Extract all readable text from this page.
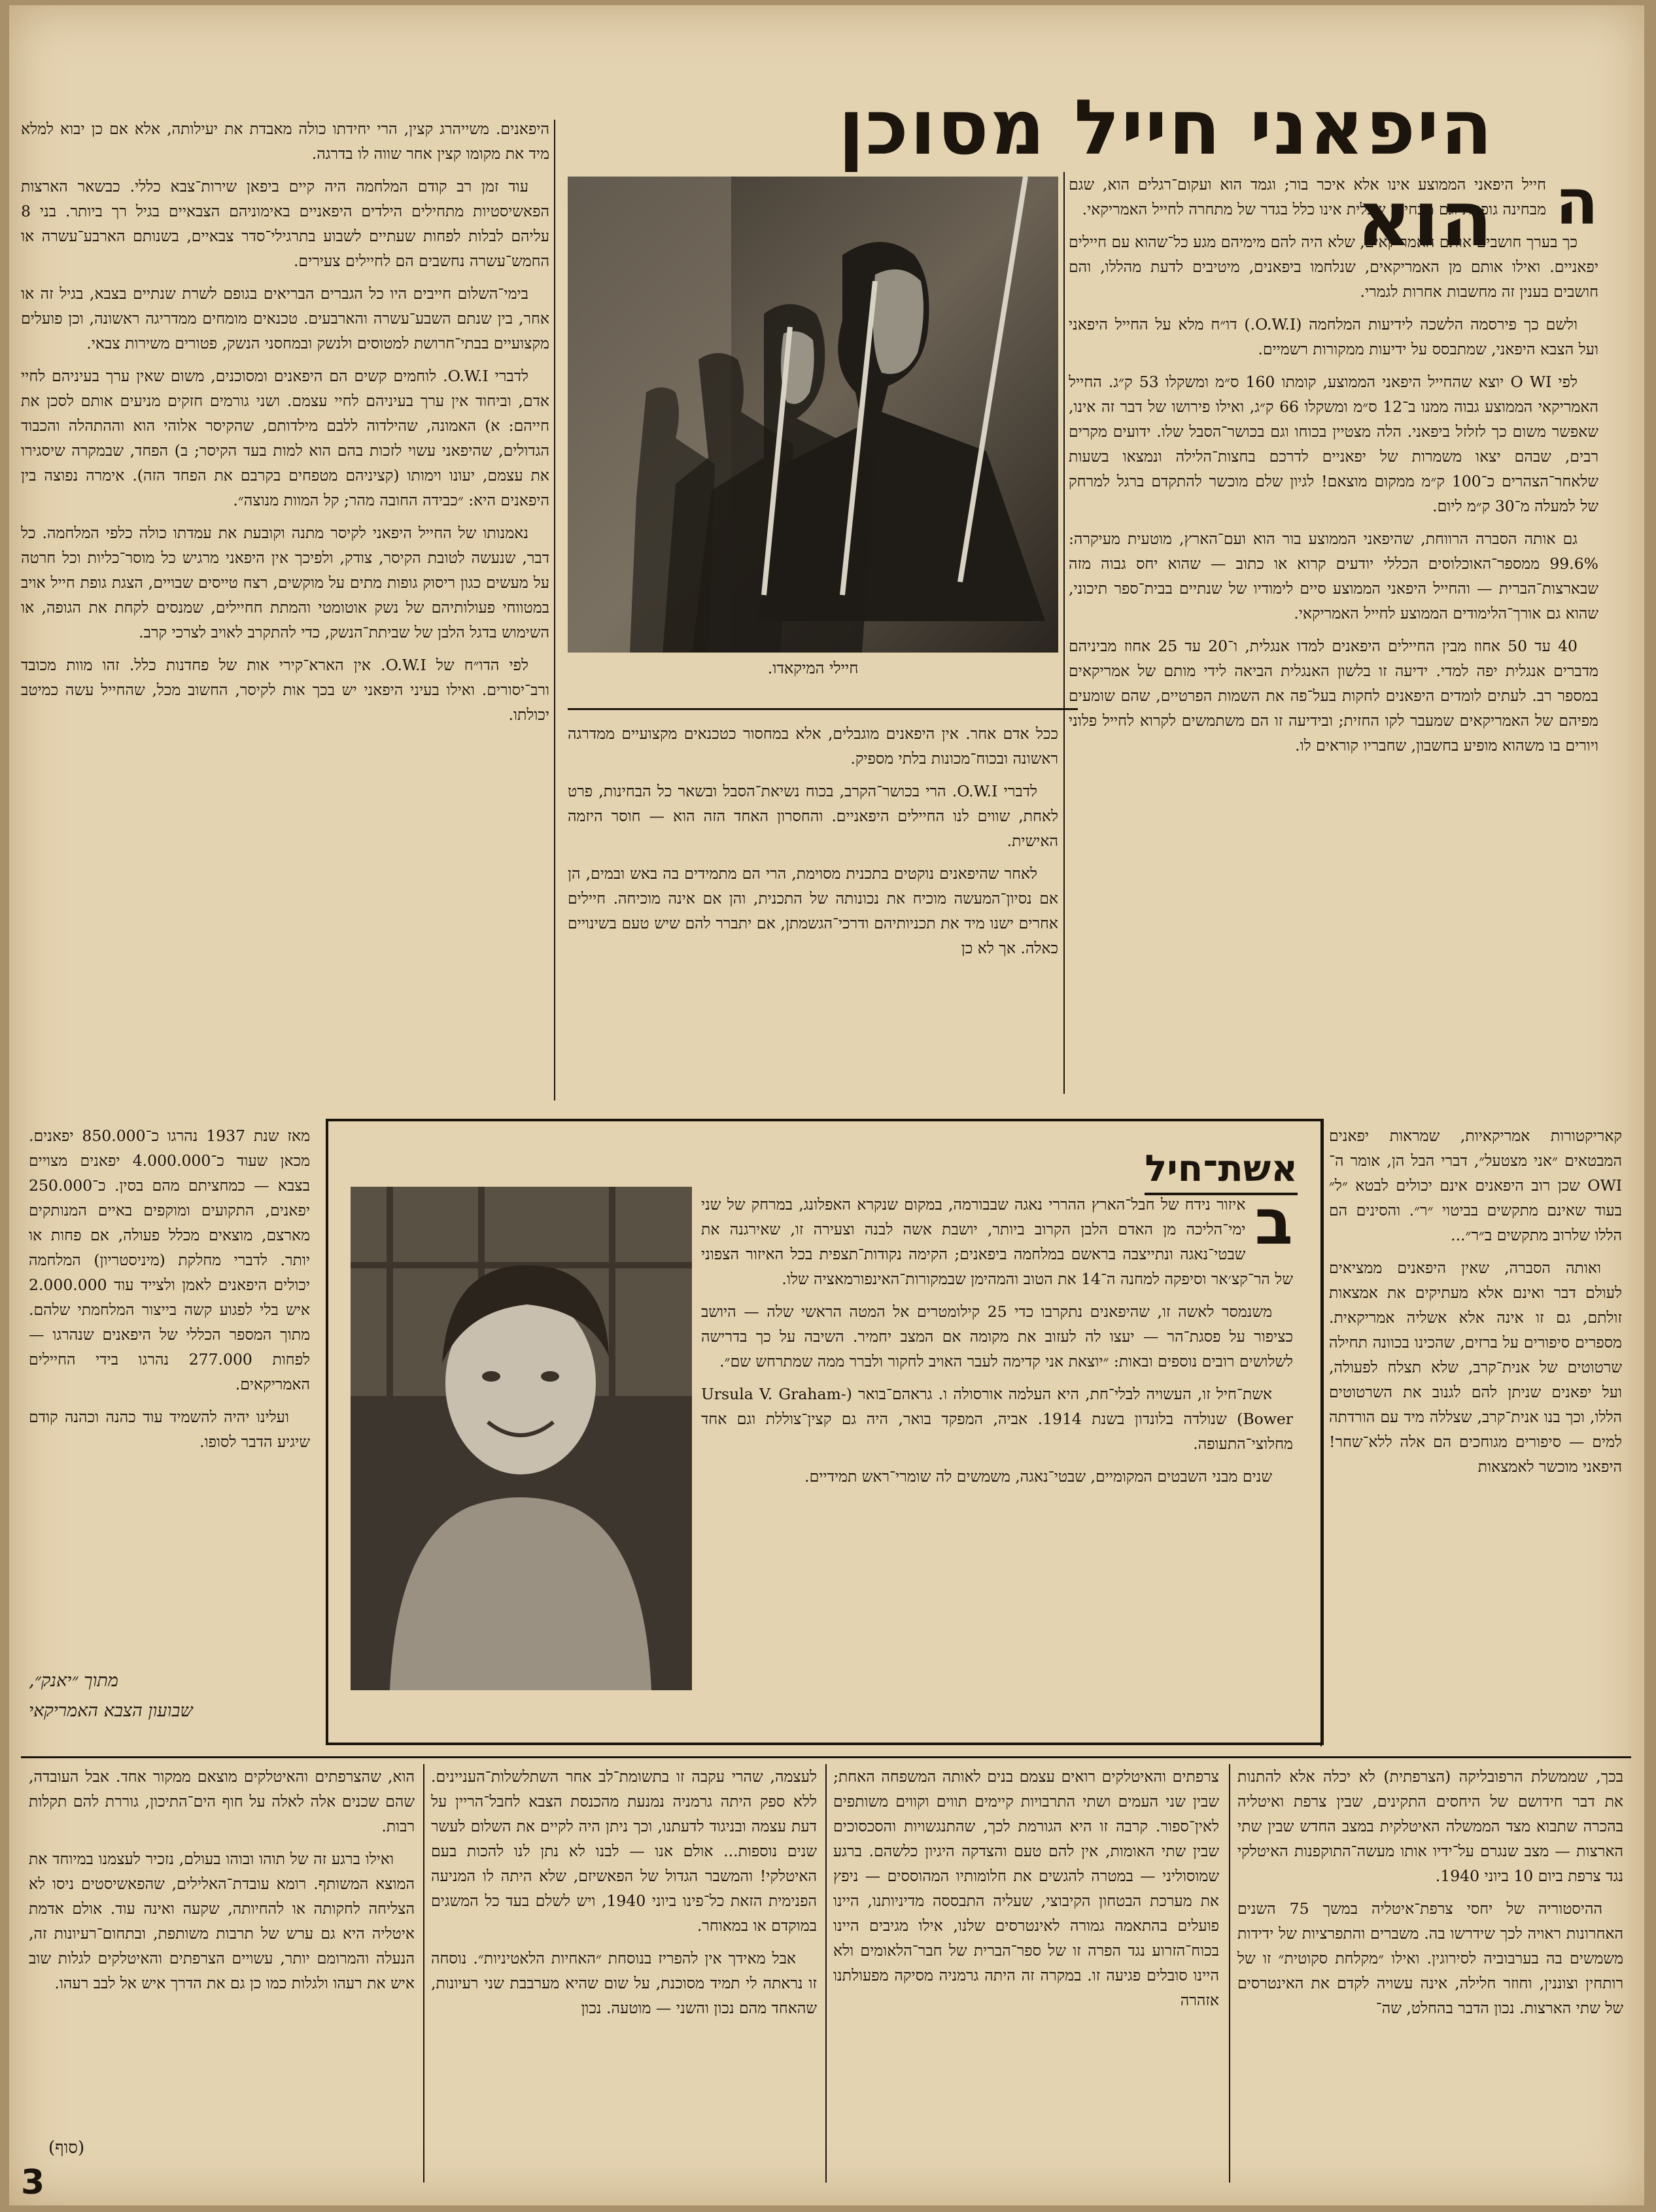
היפאני חייל מסוכן הוא ה

חייל היפאני הממוצע אינו אלא איכר בור; וגמד הוא ועקום־רגלים הוא, שגם מבחינה גופנית וגם מבחינה שכלית אינו כלל בגדר של מתחרה לחייל האמריקאי.

כך בערך חושבים אותם האמריקאים, שלא היה להם מימיהם מגע כל־שהוא עם חיילים יפאניים. ואילו אותם מן האמריקאים, שנלחמו ביפאנים, מיטיבים לדעת מהללו, והם חושבים בענין זה מחשבות אחרות לגמרי.

ולשם כך פירסמה הלשכה לידיעות המלחמה (O.W.I.) דו״ח מלא על החייל היפאני ועל הצבא היפאני, שמתבסס על ידיעות ממקורות רשמיים.

לפי O WI יוצא שהחייל היפאני הממוצע, קומתו 160 ס״מ ומשקלו 53 ק״ג. החייל האמריקאי הממוצע גבוה ממנו ב־12 ס״מ ומשקלו 66 ק״ג, ואילו פירושו של דבר זה אינו, שאפשר משום כך לזלזל ביפאני. הלה מצטיין בכוחו וגם בכושר־הסבל שלו. ידועים מקרים רבים, שבהם יצאו משמרות של יפאניים לדרכם בחצות־הלילה ונמצאו בשעות שלאחר־הצהרים כ־100 ק״מ ממקום מוצאם! לגיון שלם מוכשר להתקדם ברגל למרחק של למעלה מ־30 ק״מ ליום.

גם אותה הסברה הרווחת, שהיפאני הממוצע בור הוא ועם־הארץ, מוטעית מעיקרה: 99.6% ממספר־האוכלוסים הכללי יודעים קרוא או כתוב — שהוא יחס גבוה מזה שבארצות־הברית — והחייל היפאני הממוצע סיים לימודיו של שנתיים בבית־ספר תיכוני, שהוא גם אורך־הלימודים הממוצע לחייל האמריקאי.

40 עד 50 אחוז מבין החיילים היפאנים למדו אנגלית, ו־20 עד 25 אחוז מביניהם מדברים אנגלית יפה למדי. ידיעה זו בלשון האנגלית הביאה לידי מותם של אמריקאים במספר רב. לעתים לומדים היפאנים לחקות בעל־פה את השמות הפרטיים, שהם שומעים מפיהם של האמריקאים שמעבר לקו החזית; ובידיעה זו הם משתמשים לקרוא לחייל פלוני ויורים בו משהוא מופיע בחשבון, שחבריו קוראים לו.

חיילי המיקאדו.

ככל אדם אחר. אין היפאנים מוגבלים, אלא במחסור כטכנאים מקצועיים ממדרגה ראשונה ובכוח־מכונות בלתי מספיק.

לדברי O.W.I. הרי בכושר־הקרב, בכוח נשיאת־הסבל ובשאר כל הבחינות, פרט לאחת, שווים לנו החיילים היפאניים. והחסרון האחד הזה הוא — חוסר היזמה האישית.

לאחר שהיפאנים נוקטים בתכנית מסוימת, הרי הם מתמידים בה באש ובמים, הן אם נסיון־המעשה מוכיח את נכונותה של התכנית, והן אם אינה מוכיחה. חיילים אחרים ישנו מיד את תכניותיהם ודרכי־הגשמתן, אם יתברר להם שיש טעם בשינויים כאלה. אך לא כן

היפאנים. משייהרג קצין, הרי יחידתו כולה מאבדת את יעילותה, אלא אם כן יבוא למלא מיד את מקומו קצין אחר שווה לו בדרגה.

עוד זמן רב קודם המלחמה היה קיים ביפאן שירות־צבא כללי. כבשאר הארצות הפאשיסטיות מתחילים הילדים היפאניים באימוניהם הצבאיים בגיל רך ביותר. בני 8 עליהם לבלות לפחות שעתיים לשבוע בתרגילי־סדר צבאיים, בשנותם הארבע־עשרה או החמש־עשרה נחשבים הם לחיילים צעירים.

בימי־השלום חייבים היו כל הגברים הבריאים בגופם לשרת שנתיים בצבא, בגיל זה או אחר, בין שנתם השבע־עשרה והארבעים. טכנאים מומחים ממדריגה ראשונה, וכן פועלים מקצועיים בבתי־חרושת למטוסים ולנשק ובמחסני הנשק, פטורים משירות צבאי.

לדברי O.W.I. לוחמים קשים הם היפאנים ומסוכנים, משום שאין ערך בעיניהם לחיי אדם, וביחוד אין ערך בעיניהם לחיי עצמם. ושני גורמים חזקים מניעים אותם לסכן את חייהם: א) האמונה, שהילדוה ללבם מילדותם, שהקיסר אלוהי הוא וההתהלה והכבוד הגדולים, שהיפאני עשוי לזכות בהם הוא למות בעד הקיסר; ב) הפחד, שבמקרה שיסגירו את עצמם, יעונו וימותו (קציניהם מטפחים בקרבם את הפחד הזה). אימרה נפוצה בין היפאנים היא: ״כבידה החובה מהר; קל המוות מנוצה״.

נאמנותו של החייל היפאני לקיסר מתנה וקובעת את עמדתו כולה כלפי המלחמה. כל דבר, שנעשה לטובת הקיסר, צודק, ולפיכך אין היפאני מרגיש כל מוסר־כליות וכל חרטה על מעשים כגון ריסוק גופות מתים על מוקשים, רצח טייסים שבויים, הצגת גופת חייל אויב במטווחי פעולותיהם של נשק אוטומטי והמתת חחיילים, שמנסים לקחת את הגופה, או השימוש בדגל הלבן של שביתת־הנשק, כדי להתקרב לאויב לצרכי קרב.

לפי הדו״ח של O.W.I. אין הארא־קירי אות של פחדנות כלל. זהו מוות מכובד ורב־יסורים. ואילו בעיני היפאני יש בכך אות לקיסר, החשוב מכל, שהחייל עשה כמיטב יכולתו.

מאז שנת 1937 נהרגו כ־850.000 יפאנים. מכאן שעוד כ־4.000.000 יפאנים מצויים בצבא — כמחציתם מהם בסין. כ־250.000 יפאנים, התקועים ומוקפים באיים המנותקים מארצם, מוצאים מכלל פעולה, אם פחות או יותר. לדברי מחלקת (מיניסטריון) המלחמה יכולים היפאנים לאמן ולצייד עוד 2.000.000 איש בלי לפגוע קשה בייצור המלחמתי שלהם. מתוך המספר הכללי של היפאנים שנהרגו — לפחות 277.000 נהרגו בידי החיילים האמריקאים.

ועלינו יהיה להשמיד עוד כהנה וכהנה קודם שיגיע הדבר לסופו.

מתוך ״יאנק״,
שבועון הצבא האמריקאי

קאריקטורות אמריקאיות, שמראות יפאנים המבטאים ״אני מצטעל״, דברי הבל הן, אומר ה־ OWI שכן רוב היפאנים אינם יכולים לבטא ״ל״ בעוד שאינם מתקשים בביטוי ״ר״. והסינים הם הללו שלרוב מתקשים ב״ר״...

ואותה הסברה, שאין היפאנים ממציאים לעולם דבר ואינם אלא מעתיקים את אמצאות זולתם, גם זו אינה אלא אשליה אמריקאית. מספרים סיפורים על ברזים, שהכינו בכוונה תחילה שרטוטים של אנית־קרב, שלא תצלח לפעולה, ועל יפאנים שניתן להם לגנוב את השרטוטים הללו, וכך בנו אנית־קרב, שצללה מיד עם הורדתה למים — סיפורים מגוחכים הם אלה ללא־שחר! היפאני מוכשר לאמצאות

אשת־חיל
ב

איזור נידח של חבל־הארץ ההררי נאגה שבבורמה, במקום שנקרא האפלונג, במרחק של שני ימי־הליכה מן האדם הלבן הקרוב ביותר, יושבת אשה לבנה וצעירה זו, שאירגנה את שבטי־נאגה ונתייצבה בראשם במלחמה ביפאנים; הקימה נקודות־תצפית בכל האיזור הצפוני של הר־קצ׳אר וסיפקה למחנה ה־14 את הטוב והמהימן שבמקורות־האינפורמאציה שלו.

משנמסר לאשה זו, שהיפאנים נתקרבו כדי 25 קילומטרים אל המטה הראשי שלה — היושב כציפור על פסגת־הר — יעצו לה לעזוב את מקומה אם המצב יחמיר. השיבה על כך בדרישה לשלושים רובים נוספים ובאות: ״יוצאת אני קדימה לעבר האויב לחקור ולברר ממה שמתרחש שם״.

אשת־חיל זו, העשויה לבלי־חת, היא העלמה אורסולה ו. גראהם־בואר (Ursula V. Graham-Bower) שנולדה בלונדון בשנת 1914. אביה, המפקד בואר, היה גם קצין־צוללת וגם אחד מחלוצי־התעופה.

שנים מבני השבטים המקומיים, שבטי־נאגה, משמשים לה שומרי־ראש תמידיים.

בכך, שממשלת הרפובליקה (הצרפתית) לא יכלה אלא להתנות את דבר חידושם של היחסים התקינים, שבין צרפת ואיטליה בהכרה שתבוא מצד הממשלה האיטלקית במצב החדש שבין שתי הארצות — מצב שנגרם על־ידיו אותו מעשה־התוקפנות האיטלקי נגד צרפת ביום 10 ביוני 1940.

ההיסטוריה של יחסי צרפת־איטליה במשך 75 השנים האחרונות ראויה לכך שידרשו בה. משברים והתפרציות של ידידות משמשים בה בערבוביה לסירוגין. ואילו ״מקלחת סקוטית״ זו של רותחין וצוננין, וחוזר חלילה, אינה עשויה לקדם את האינטרסים של שתי הארצות. נכון הדבר בהחלט, שה־

צרפתים והאיטלקים רואים עצמם בנים לאותה המשפחה האחת; שבין שני העמים ושתי התרבויות קיימים תווים וקווים משותפים לאין־ספור. קרבה זו היא הגורמת לכך, שהתנגשויות והסכסוכים שבין שתי האומות, אין להם טעם והצדקה היגיון כלשהם. ברגע שמוסוליני — במטרה להגשים את חלומותיו המהוססים — ניפץ את מערכת הבטחון הקיבוצי, שעליה התבססה מדיניותנו, היינו פועלים בהתאמה גמורה לאינטרסים שלנו, אילו מגיבים היינו בכוח־הזרוע נגד הפרה זו של ספר־הברית של חבר־הלאומים ולא היינו סובלים פגיעה זו. במקרה זה היתה גרמניה מסיקה מפעולתנו אזהרה

לעצמה, שהרי עקבה זו בתשומת־לב אחר השתלשלות־העניינים. ללא ספק היתה גרמניה נמנעת מהכנסת הצבא לחבל־הריין על דעת עצמה ובניגוד לדעתנו, וכך ניתן היה לקיים את השלום לעשר שנים נוספות... אולם אנו — לבנו לא נתן לנו להכות בעם האיטלקי! והמשבר הגדול של הפאשיזם, שלא היתה לו המניעה הפנימית הזאת כל־פינו ביוני 1940, ויש לשלם בעד כל המשגים במוקדם או במאוחר.

אבל מאידך אין להפריז בנוסחת ״האחיות הלאטיניות״. נוסחה זו נראתה לי תמיד מסוכנת, על שום שהיא מערבבת שני רעיונות, שהאחד מהם נכון והשני — מוטעה. נכון

הוא, שהצרפתים והאיטלקים מוצאם ממקור אחד. אבל העובדה, שהם שכנים אלה לאלה על חוף הים־התיכון, גוררת להם תקלות רבות.

ואילו ברגע זה של תוהו ובוהו בעולם, נזכיר לעצמנו במיוחד את המוצא המשותף. רומא עובדת־האלילים, שהפאשיסטים ניסו לא הצליחה לחקותה או להחיותה, שקעה ואינה עוד. אולם אדמת איטליה היא גם ערש של תרבות משותפת, ובתחום־רעיונות זה, הנעלה והמרומם יותר, עשויים הצרפתים והאיטלקים לגלות שוב איש את רעהו ולגלות כמו כן גם את הדרך איש אל לבב רעהו.

(סוף)
3
